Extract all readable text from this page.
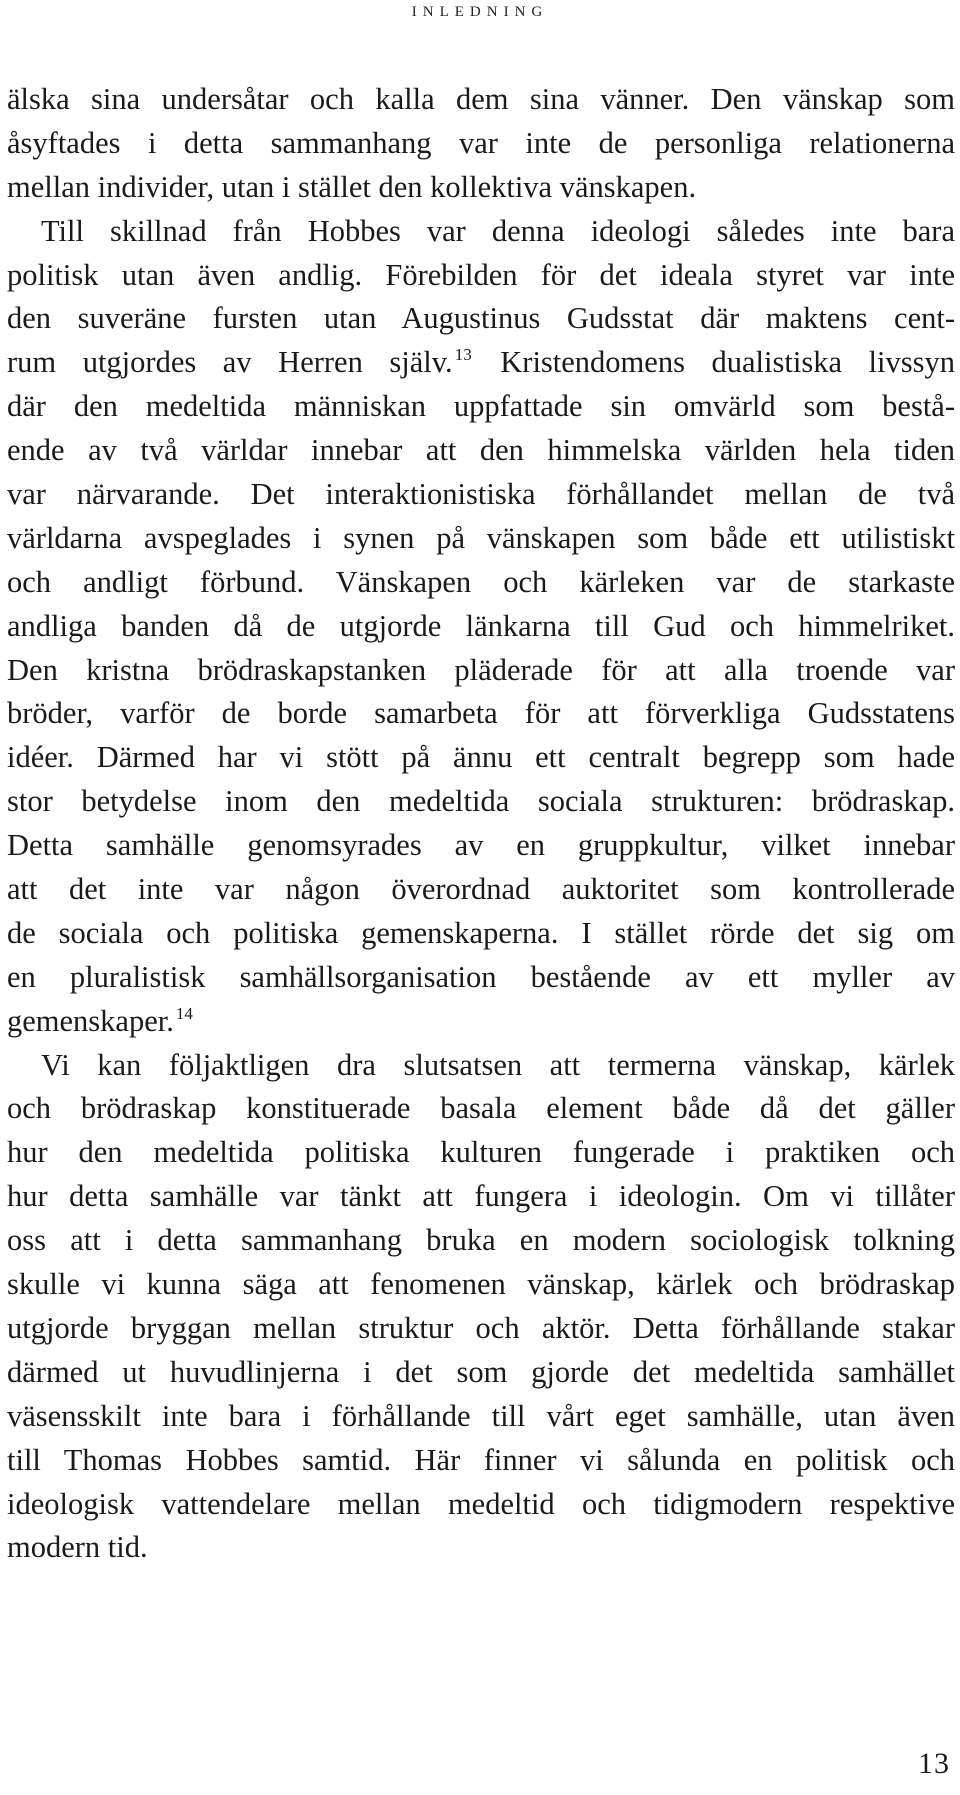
inledning
älska sina undersåtar och kalla dem sina vänner. Den vänskap som
åsyftades i detta sammanhang var inte de personliga relationerna
mellan individer, utan i stället den kollektiva vänskapen.
Till skillnad från Hobbes var denna ideologi således inte bara
politisk utan även andlig. Förebilden för det ideala styret var inte
den suveräne fursten utan Augustinus Gudsstat där maktens cent-
rum utgjordes av Herren själv. $^{13}$ Kristendomens dualistiska livssyn
där den medeltida människan uppfattade sin omvärld som bestå-
ende av två världar innebar att den himmelska världen hela tiden
var närvarande. Det interaktionistiska förhållandet mellan de två
världarna avspeglades i synen på vänskapen som både ett utilistiskt
och andligt förbund. Vänskapen och kärleken var de starkaste
andliga banden då de utgjorde länkarna till Gud och himmelriket.
Den kristna brödraskapstanken pläderade för att alla troende var
bröder, varför de borde samarbeta för att förverkliga Gudsstatens
idéer. Därmed har vi stött på ännu ett centralt begrepp som hade
stor betydelse inom den medeltida sociala strukturen: brödraskap.
Detta samhälle genomsyrades av en gruppkultur, vilket innebar
att det inte var någon överordnad auktoritet som kontrollerade
de sociala och politiska gemenskaperna. I stället rörde det sig om
en pluralistisk samhällsorganisation bestående av ett myller av
gemenskaper. $^{14}$
Vi kan följaktligen dra slutsatsen att termerna vänskap, kärlek
och brödraskap konstituerade basala element både då det gäller
hur den medeltida politiska kulturen fungerade i praktiken och
hur detta samhälle var tänkt att fungera i ideologin. Om vi tillåter
oss att i detta sammanhang bruka en modern sociologisk tolkning
skulle vi kunna säga att fenomenen vänskap, kärlek och brödraskap
utgjorde bryggan mellan struktur och aktör. Detta förhållande stakar
därmed ut huvudlinjerna i det som gjorde det medeltida samhället
väsensskilt inte bara i förhållande till vårt eget samhälle, utan även
till Thomas Hobbes samtid. Här finner vi sålunda en politisk och
ideologisk vattendelare mellan medeltid och tidigmodern respektive
modern tid.
13
